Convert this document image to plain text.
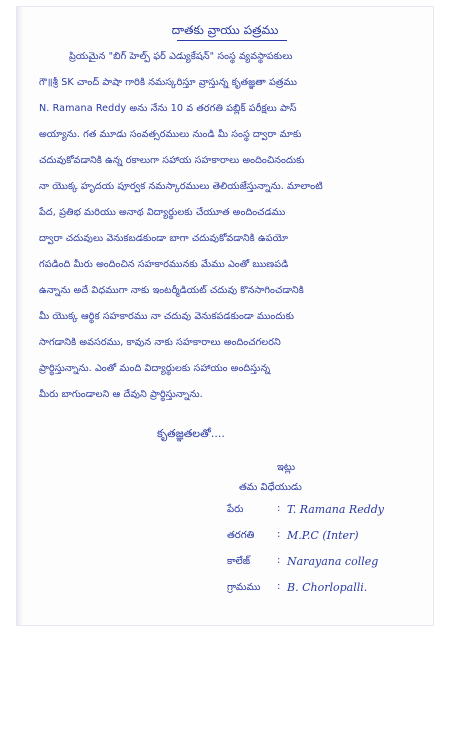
దాతకు వ్రాయు పత్రము
ప్రియమైన "బిగ్ హెల్ప్ ఫర్ ఎడ్యుకేషన్" సంస్థ వ్యవస్థాపకులు
గౌ॥శ్రీ SK చాంద్ పాషా గారికి నమస్కరిస్తూ వ్రాస్తున్న కృతజ్ఞతా పత్రము
N. Ramana Reddy అను నేను 10 వ తరగతి పబ్లిక్ పరీక్షలు పాస్
అయ్యాను. గత మూడు సంవత్సరములు నుండి మీ సంస్థ ద్వారా మాకు
చదువుకోవడానికి ఉన్న రకాలుగా సహాయ సహకారాలు అందించినందుకు
నా యొక్క హృదయ పూర్వక నమస్కారములు తెలియజేస్తున్నాను. మాలాంటి
పేద, ప్రతిభ మరియు అనాథ విద్యార్థులకు చేయూత అందించడము
ద్వారా చదువులు వెనుకబడకుండా బాగా చదువుకోవడానికి ఉపయో
గపడింది మీరు అందించిన సహకారమునకు మేము ఎంతో ఋణపడి
ఉన్నాను అదే విధముగా నాకు ఇంటర్మీడియట్ చదువు కొనసాగించడానికి
మీ యొక్క ఆర్థిక సహకారము నా చదువు వెనుకపడకుండా ముందుకు
సాగడానికి అవసరము, కావున నాకు సహకారాలు అందించగలరని
ప్రార్థిస్తున్నాను. ఎంతో మంది విద్యార్థులకు సహాయం అందిస్తున్న
మీరు బాగుండాలని ఆ దేవుని ప్రార్థిస్తున్నాను.
కృతజ్ఞతలతో....
ఇట్లు
తమ విధేయుడు
పేరు	: T. Ramana Reddy
తరగతి : M.P.C (Inter)
కాలేజ్	: Narayana colleg
గ్రామము : B. Chorlopalli.
